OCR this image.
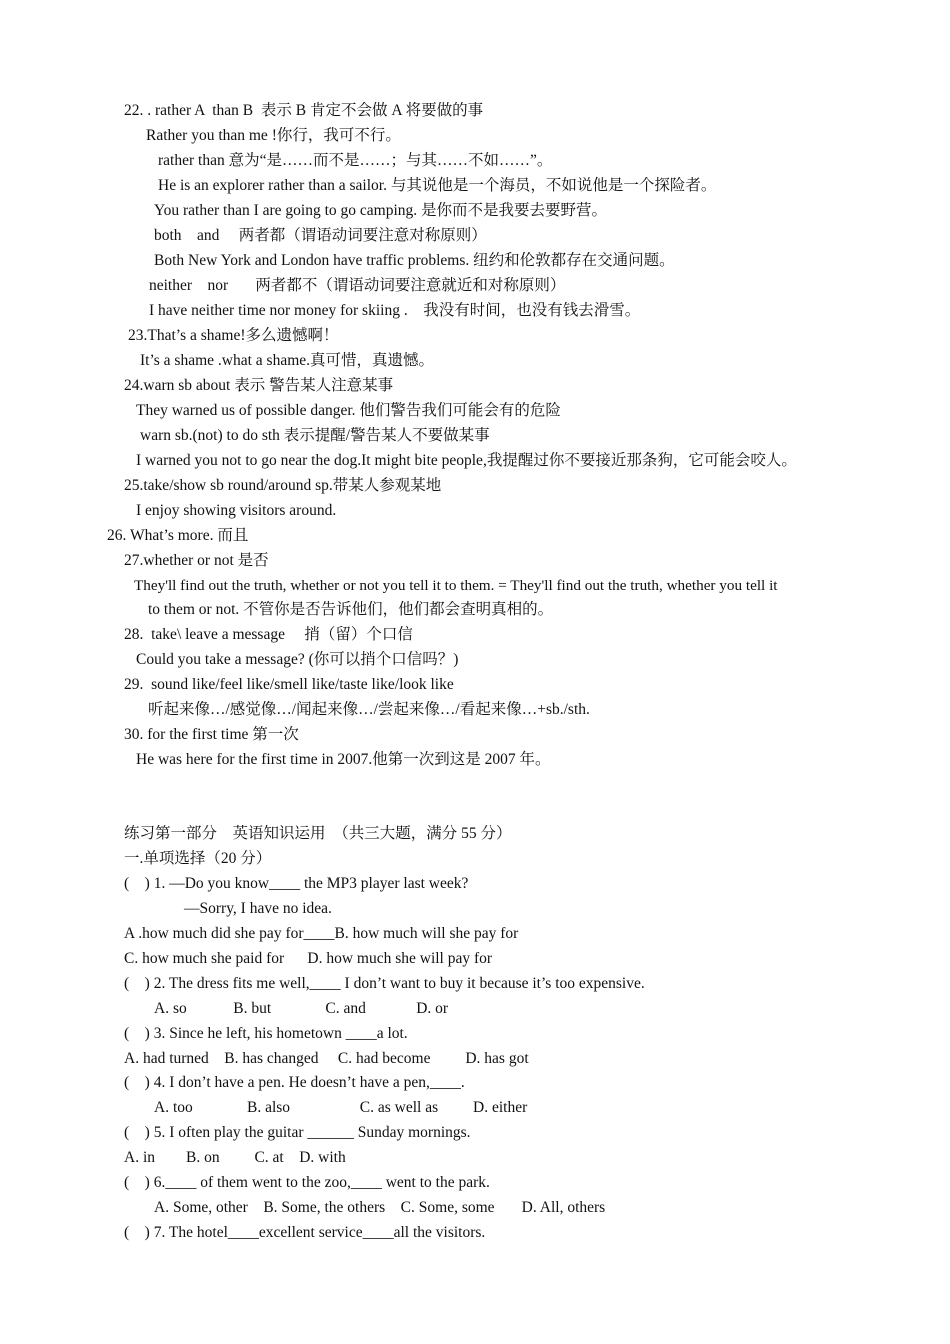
22. . rather A  than B  表示 B 肯定不会做 A 将要做的事
Rather you than me !你行，我可不行。
rather than 意为“是……而不是……；与其……不如……”。
He is an explorer rather than a sailor. 与其说他是一个海员，不如说他是一个探险者。
You rather than I are going to go camping. 是你而不是我要去要野营。
both    and     两者都（谓语动词要注意对称原则）
Both New York and London have traffic problems. 纽约和伦敦都存在交通问题。
neither    nor       两者都不（谓语动词要注意就近和对称原则）
I have neither time nor money for skiing .    我没有时间，也没有钱去滑雪。
23.That’s a shame!多么遗憾啊！
It’s a shame .what a shame.真可惜，真遗憾。
24.warn sb about 表示 警告某人注意某事
They warned us of possible danger. 他们警告我们可能会有的危险
warn sb.(not) to do sth 表示提醒/警告某人不要做某事
I warned you not to go near the dog.It might bite people,我提醒过你不要接近那条狗，它可能会咬人。
25.take/show sb round/around sp.带某人参观某地
I enjoy showing visitors around.
26. What’s more. 而且
27.whether or not 是否
They'll find out the truth, whether or not you tell it to them. = They'll find out the truth, whether you tell it
to them or not. 不管你是否告诉他们，他们都会查明真相的。
28.  take\ leave a message     捎（留）个口信
Could you take a message? (你可以捎个口信吗？)
29.  sound like/feel like/smell like/taste like/look like
听起来像…/感觉像…/闻起来像…/尝起来像…/看起来像…+sb./sth.
30. for the first time 第一次
He was here for the first time in 2007.他第一次到这是 2007 年。
练习第一部分    英语知识运用  （共三大题，满分 55 分）
一.单项选择（20 分）
(    ) 1. —Do you know____ the MP3 player last week?
—Sorry, I have no idea.
A .how much did she pay for____B. how much will she pay for
C. how much she paid for      D. how much she will pay for
(    ) 2. The dress fits me well,____ I don’t want to buy it because it’s too expensive.
A. so            B. but              C. and             D. or
(    ) 3. Since he left, his hometown ____a lot.
A. had turned    B. has changed     C. had become         D. has got
(    ) 4. I don’t have a pen. He doesn’t have a pen,____.
A. too              B. also                  C. as well as         D. either
(    ) 5. I often play the guitar ______ Sunday mornings.
A. in        B. on         C. at    D. with
(    ) 6.____ of them went to the zoo,____ went to the park.
A. Some, other    B. Some, the others    C. Some, some       D. All, others
(    ) 7. The hotel____excellent service____all the visitors.
